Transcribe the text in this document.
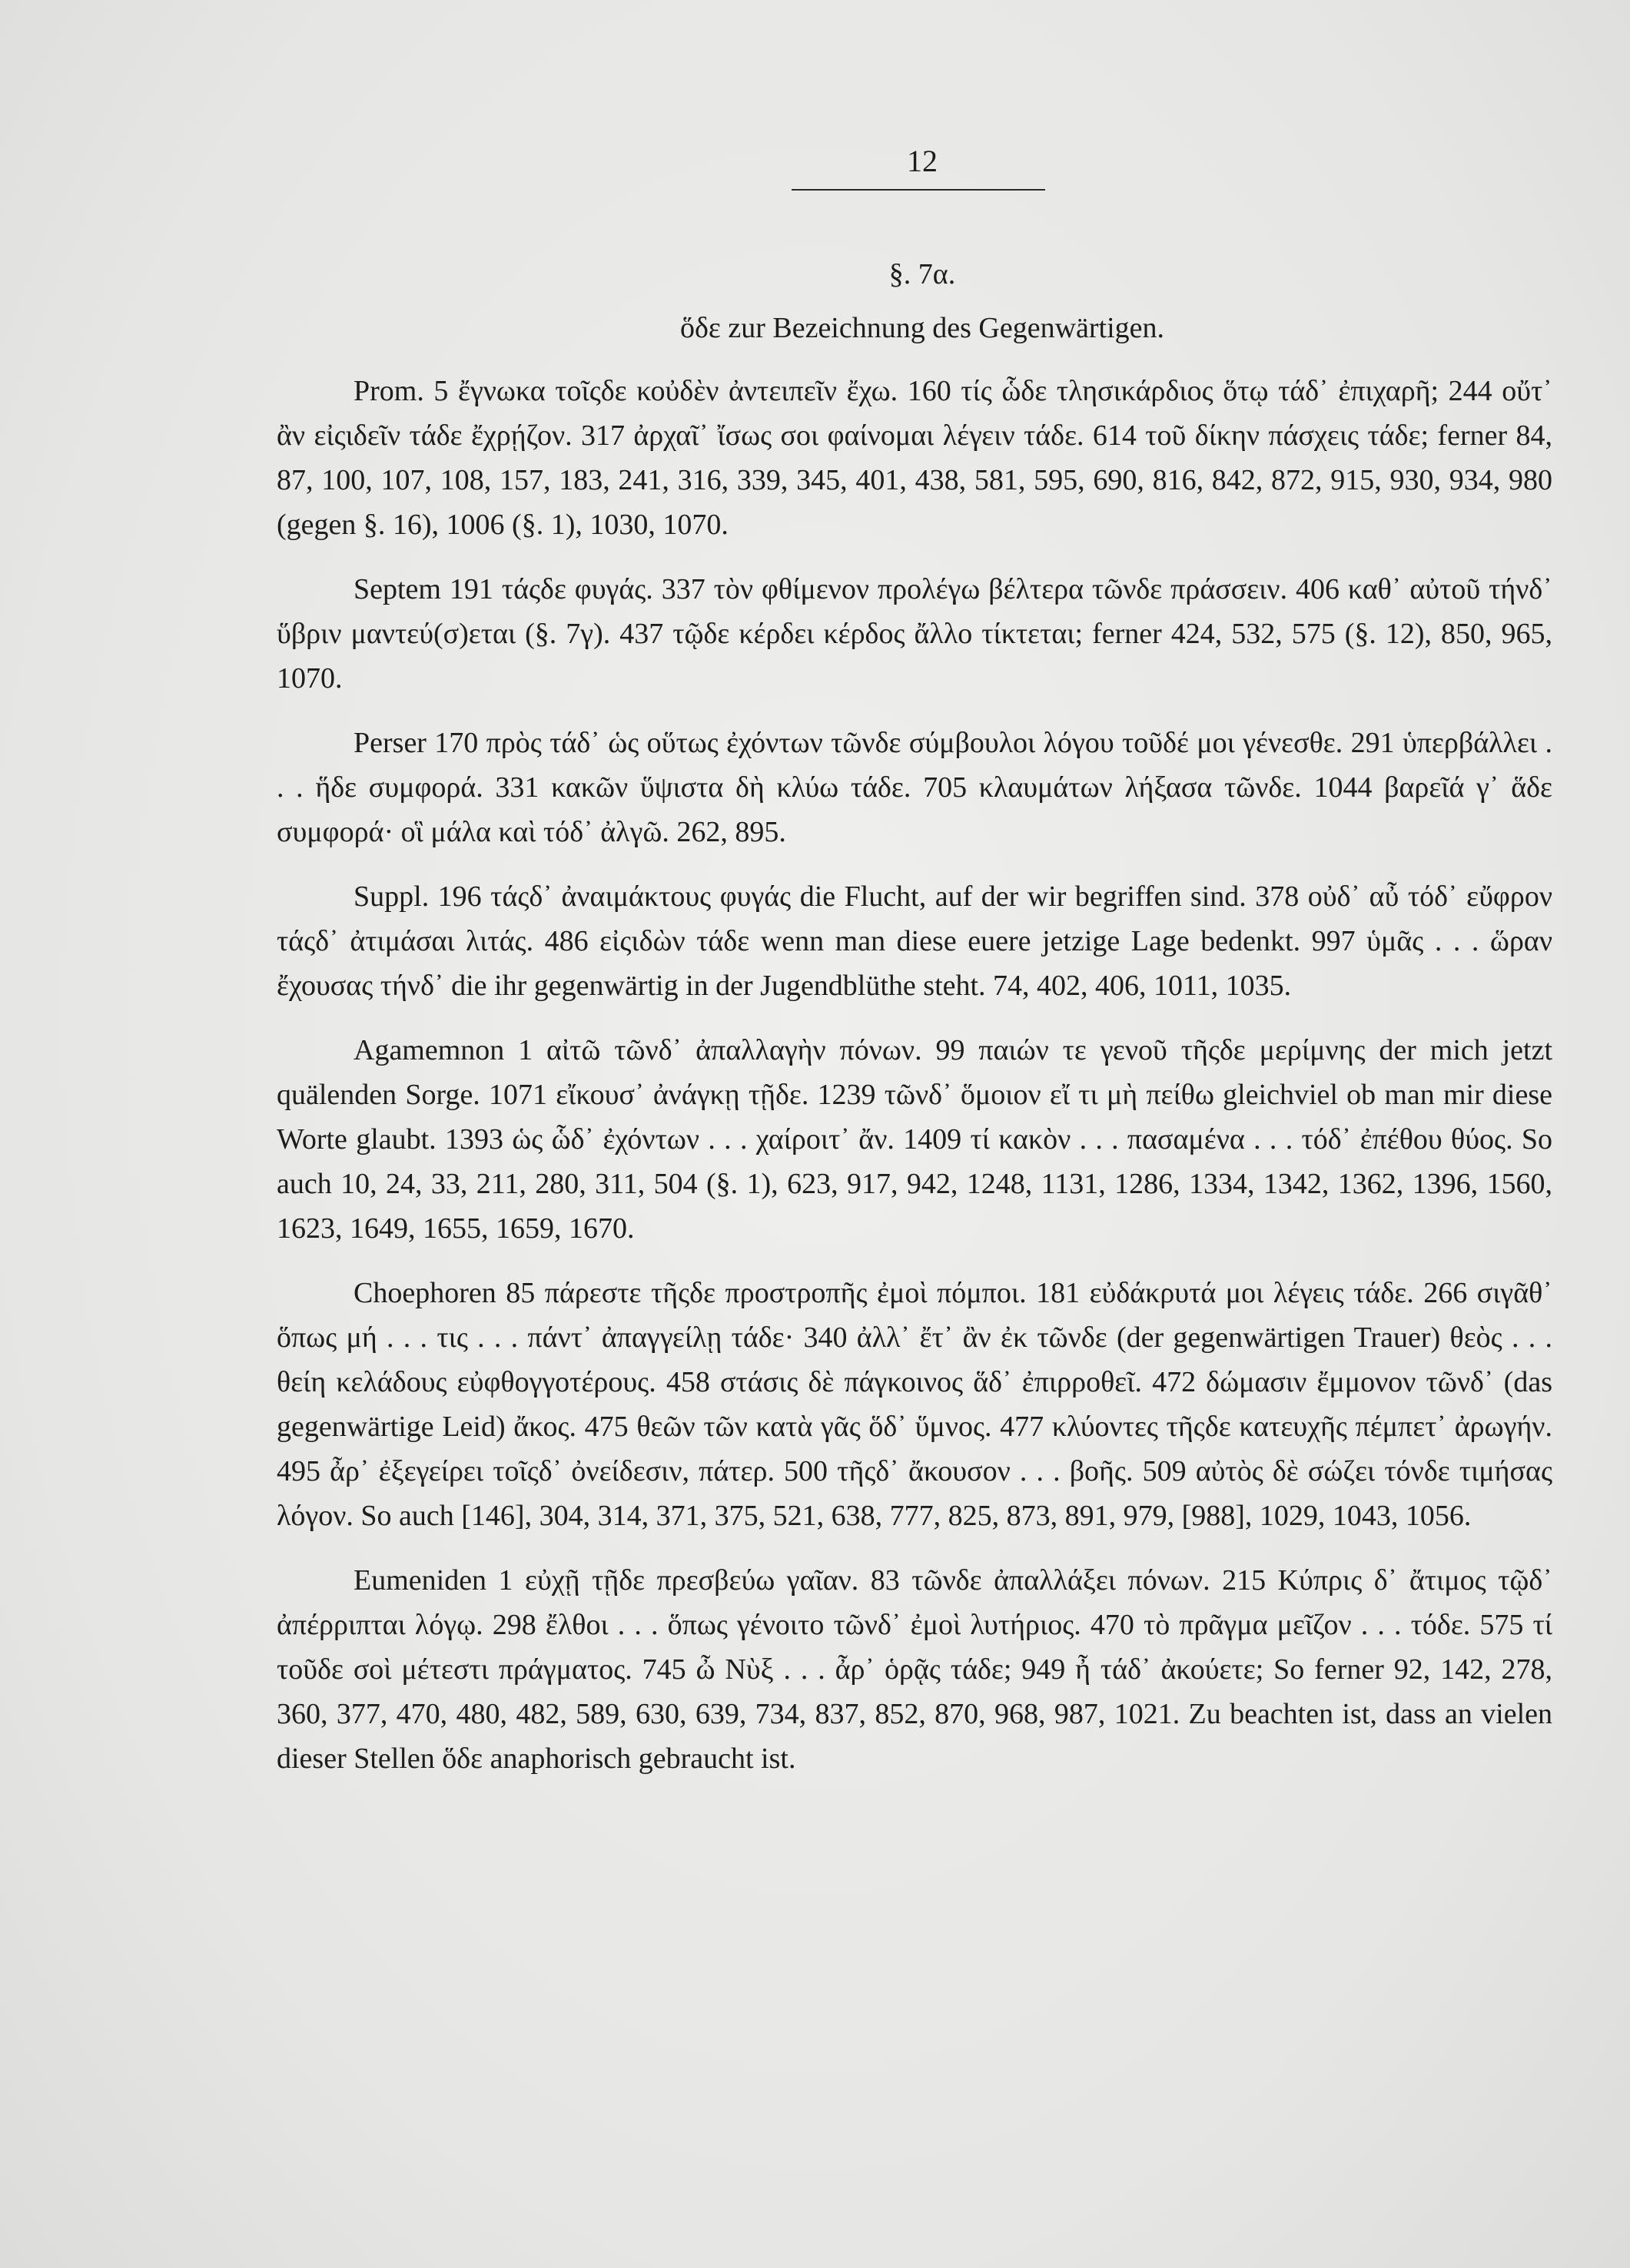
12
§. 7α.
ὅδε zur Bezeichnung des Gegenwärtigen.

Prom. 5 ἔγνωκα τοῖςδε κοὐδὲν ἀντειπεῖν ἔχω. 160 τίς ὧδε τλησικάρδιος ὅτῳ τάδ᾽ ἐπιχαρῆ; 244 οὔτ᾽ ἂν εἰςιδεῖν τάδε ἔχρῄζον. 317 ἀρχαῖ᾽ ἴσως σοι φαίνομαι λέγειν τάδε. 614 τοῦ δίκην πάσχεις τάδε; ferner 84, 87, 100, 107, 108, 157, 183, 241, 316, 339, 345, 401, 438, 581, 595, 690, 816, 842, 872, 915, 930, 934, 980 (gegen §. 16), 1006 (§. 1), 1030, 1070.

Septem 191 τάςδε φυγάς. 337 τὸν φθίμενον προλέγω βέλτερα τῶνδε πράσσειν. 406 καθ᾽ αὐτοῦ τήνδ᾽ ὕβριν μαντεύ(σ)εται (§. 7γ). 437 τῷδε κέρδει κέρδος ἄλλο τίκτεται; ferner 424, 532, 575 (§. 12), 850, 965, 1070.

Perser 170 πρὸς τάδ᾽ ὡς οὕτως ἐχόντων τῶνδε σύμβουλοι λόγου τοῦδέ μοι γένεσθε. 291 ὑπερβάλλει . . . ἥδε συμφορά. 331 κακῶν ὕψιστα δὴ κλύω τάδε. 705 κλαυμάτων λήξασα τῶνδε. 1044 βαρεῖά γ᾽ ἅδε συμφορά· οἳ μάλα καὶ τόδ᾽ ἀλγῶ. 262, 895.

Suppl. 196 τάςδ᾽ ἀναιμάκτους φυγάς die Flucht, auf der wir begriffen sind. 378 οὐδ᾽ αὖ τόδ᾽ εὔφρον τάςδ᾽ ἀτιμάσαι λιτάς. 486 εἰςιδὼν τάδε wenn man diese euere jetzige Lage bedenkt. 997 ὑμᾶς . . . ὥραν ἔχουσας τήνδ᾽ die ihr gegenwärtig in der Jugendblüthe steht. 74, 402, 406, 1011, 1035.

Agamemnon 1 αἰτῶ τῶνδ᾽ ἀπαλλαγὴν πόνων. 99 παιών τε γενοῦ τῆςδε μερίμνης der mich jetzt quälenden Sorge. 1071 εἴκουσ᾽ ἀνάγκῃ τῇδε. 1239 τῶνδ᾽ ὅμοιον εἴ τι μὴ πείθω gleichviel ob man mir diese Worte glaubt. 1393 ὡς ὧδ᾽ ἐχόντων . . . χαίροιτ᾽ ἄν. 1409 τί κακὸν . . . πασαμένα . . . τόδ᾽ ἐπέθου θύος. So auch 10, 24, 33, 211, 280, 311, 504 (§. 1), 623, 917, 942, 1248, 1131, 1286, 1334, 1342, 1362, 1396, 1560, 1623, 1649, 1655, 1659, 1670.

Choephoren 85 πάρεστε τῆςδε προστροπῆς ἐμοὶ πόμποι. 181 εὐδάκρυτά μοι λέγεις τάδε. 266 σιγᾶθ᾽ ὅπως μή . . . τις . . . πάντ᾽ ἀπαγγείλῃ τάδε· 340 ἀλλ᾽ ἔτ᾽ ἂν ἐκ τῶνδε (der gegenwärtigen Trauer) θεὸς . . . θείη κελάδους εὐφθογγοτέρους. 458 στάσις δὲ πάγκοινος ἅδ᾽ ἐπιρροθεῖ. 472 δώμασιν ἔμμονον τῶνδ᾽ (das gegenwärtige Leid) ἄκος. 475 θεῶν τῶν κατὰ γᾶς ὅδ᾽ ὕμνος. 477 κλύοντες τῆςδε κατευχῆς πέμπετ᾽ ἀρωγήν. 495 ἆρ᾽ ἐξεγείρει τοῖςδ᾽ ὀνείδεσιν, πάτερ. 500 τῆςδ᾽ ἄκουσον . . . βοῆς. 509 αὐτὸς δὲ σώζει τόνδε τιμήσας λόγον. So auch [146], 304, 314, 371, 375, 521, 638, 777, 825, 873, 891, 979, [988], 1029, 1043, 1056.

Eumeniden 1 εὐχῇ τῇδε πρεσβεύω γαῖαν. 83 τῶνδε ἀπαλλάξει πόνων. 215 Κύπρις δ᾽ ἄτιμος τῷδ᾽ ἀπέρριπται λόγῳ. 298 ἔλθοι . . . ὅπως γένοιτο τῶνδ᾽ ἐμοὶ λυτήριος. 470 τὸ πρᾶγμα μεῖζον . . . τόδε. 575 τί τοῦδε σοὶ μέτεστι πράγματος. 745 ὦ Νὺξ . . . ἆρ᾽ ὁρᾷς τάδε; 949 ἦ τάδ᾽ ἀκούετε; So ferner 92, 142, 278, 360, 377, 470, 480, 482, 589, 630, 639, 734, 837, 852, 870, 968, 987, 1021. Zu beachten ist, dass an vielen dieser Stellen ὅδε anaphorisch gebraucht ist.
